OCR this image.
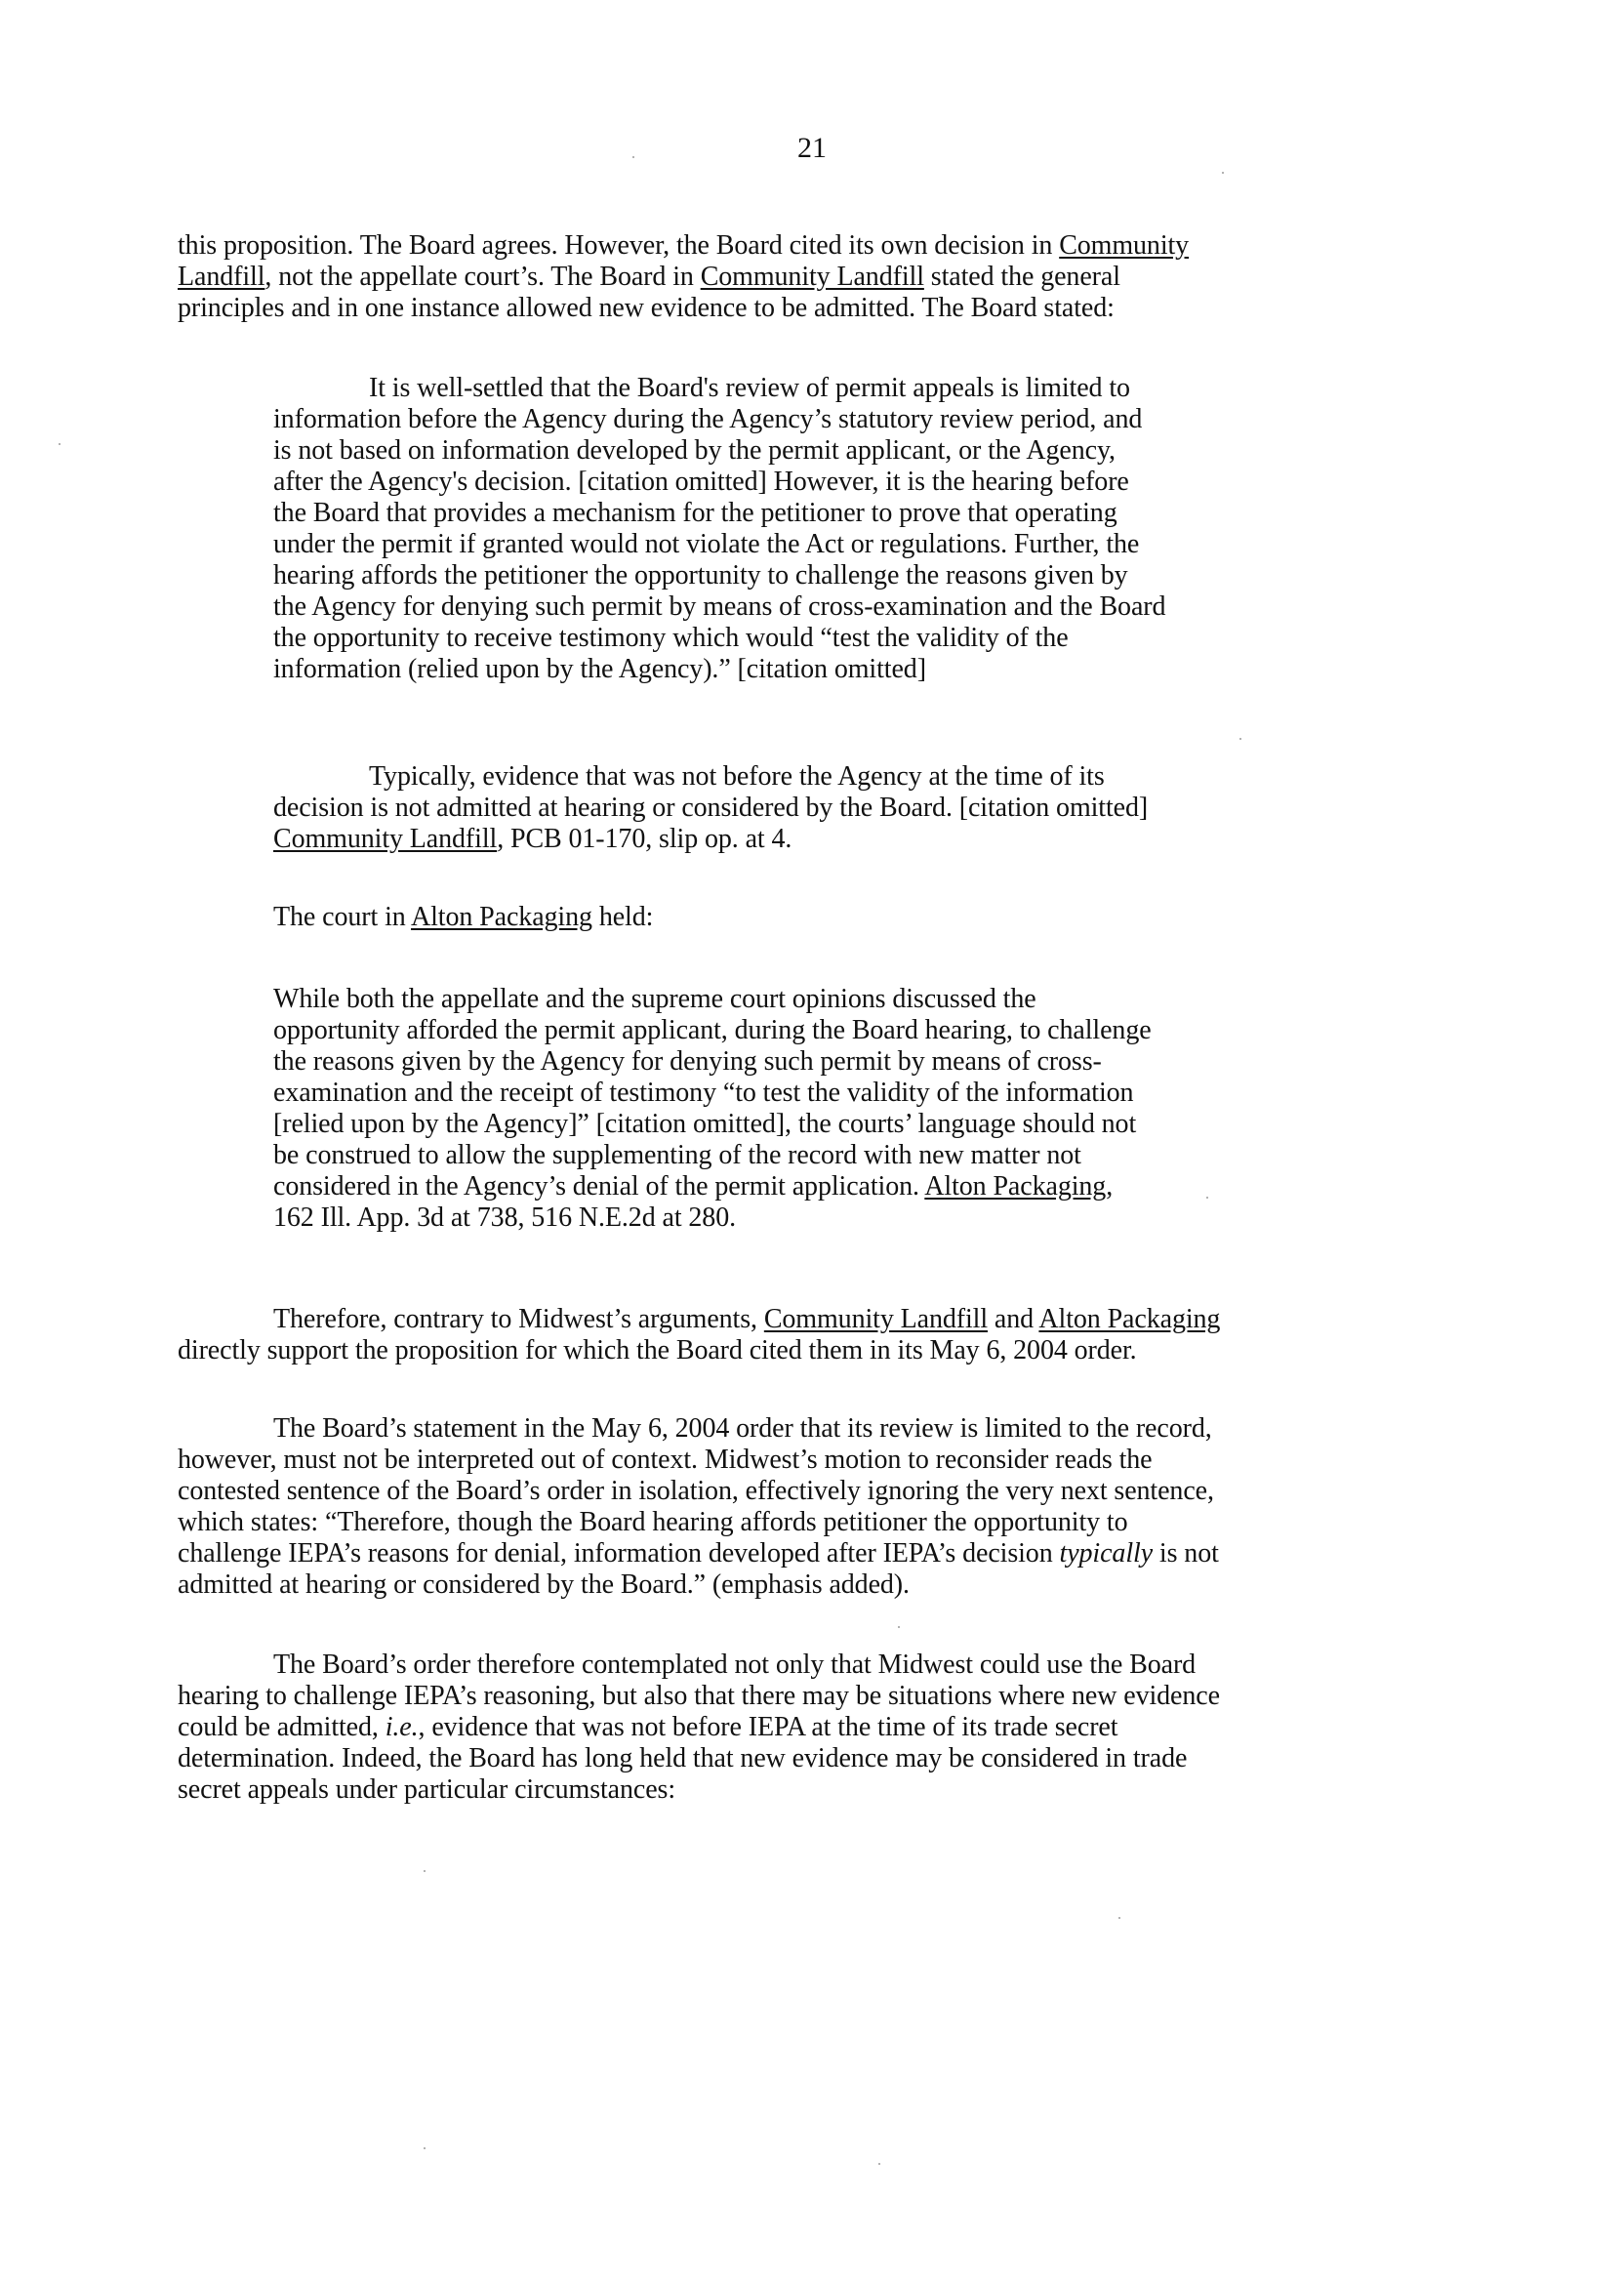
21
this proposition. The Board agrees. However, the Board cited its own decision in Community
Landfill, not the appellate court’s. The Board in Community Landfill stated the general
principles and in one instance allowed new evidence to be admitted. The Board stated:
It is well-settled that the Board's review of permit appeals is limited to
information before the Agency during the Agency’s statutory review period, and
is not based on information developed by the permit applicant, or the Agency,
after the Agency's decision. [citation omitted] However, it is the hearing before
the Board that provides a mechanism for the petitioner to prove that operating
under the permit if granted would not violate the Act or regulations. Further, the
hearing affords the petitioner the opportunity to challenge the reasons given by
the Agency for denying such permit by means of cross-examination and the Board
the opportunity to receive testimony which would “test the validity of the
information (relied upon by the Agency).” [citation omitted]
Typically, evidence that was not before the Agency at the time of its
decision is not admitted at hearing or considered by the Board. [citation omitted]
Community Landfill, PCB 01-170, slip op. at 4.
The court in Alton Packaging held:
While both the appellate and the supreme court opinions discussed the
opportunity afforded the permit applicant, during the Board hearing, to challenge
the reasons given by the Agency for denying such permit by means of cross-
examination and the receipt of testimony “to test the validity of the information
[relied upon by the Agency]” [citation omitted], the courts’ language should not
be construed to allow the supplementing of the record with new matter not
considered in the Agency’s denial of the permit application. Alton Packaging,
162 Ill. App. 3d at 738, 516 N.E.2d at 280.
Therefore, contrary to Midwest’s arguments, Community Landfill and Alton Packaging
directly support the proposition for which the Board cited them in its May 6, 2004 order.
The Board’s statement in the May 6, 2004 order that its review is limited to the record,
however, must not be interpreted out of context. Midwest’s motion to reconsider reads the
contested sentence of the Board’s order in isolation, effectively ignoring the very next sentence,
which states: “Therefore, though the Board hearing affords petitioner the opportunity to
challenge IEPA’s reasons for denial, information developed after IEPA’s decision typically is not
admitted at hearing or considered by the Board.” (emphasis added).
The Board’s order therefore contemplated not only that Midwest could use the Board
hearing to challenge IEPA’s reasoning, but also that there may be situations where new evidence
could be admitted, i.e., evidence that was not before IEPA at the time of its trade secret
determination. Indeed, the Board has long held that new evidence may be considered in trade
secret appeals under particular circumstances:
